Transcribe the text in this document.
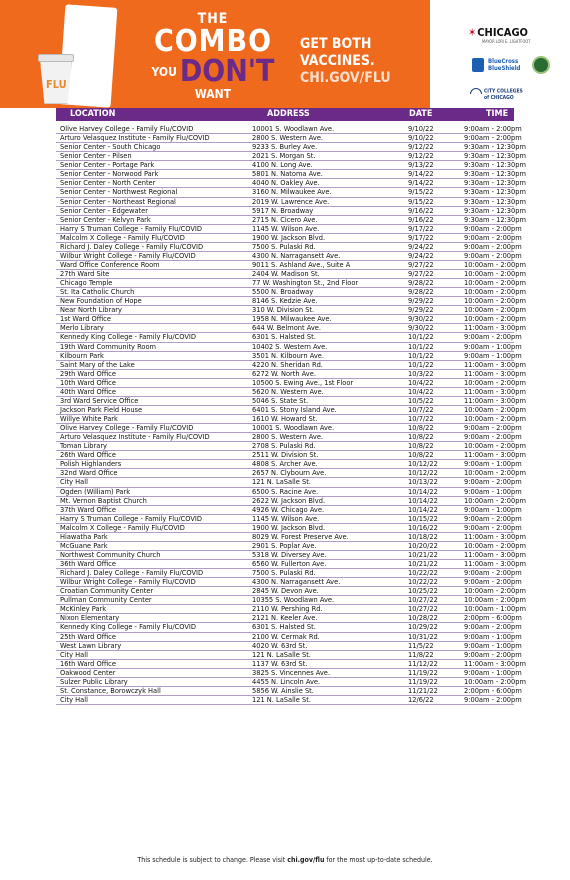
FLU
THE
COMBO
YOU DON'T
WANT
GET BOTH
VACCINES.
CHI.GOV/FLU
✶CHICAGO
MAYOR LORI E. LIGHTFOOT
BlueCross
BlueShield
CITY COLLEGES
of CHICAGO
LOCATION	ADDRESS	DATE	TIME
Olive Harvey College - Family Flu/COVID	10001 S. Woodlawn Ave.	9/10/22	9:00am - 2:00pm
Arturo Velasquez Institute - Family Flu/COVID	2800 S. Western Ave.	9/10/22	9:00am - 2:00pm
Senior Center - South Chicago	9233 S. Burley Ave.	9/12/22	9:30am - 12:30pm
Senior Center - Pilsen	2021 S. Morgan St.	9/12/22	9:30am - 12:30pm
Senior Center - Portage Park	4100 N. Long Ave.	9/13/22	9:30am - 12:30pm
Senior Center - Norwood Park	5801 N. Natoma Ave.	9/14/22	9:30am - 12:30pm
Senior Center - North Center	4040 N. Oakley Ave.	9/14/22	9:30am - 12:30pm
Senior Center - Northwest Regional	3160 N. Milwaukee Ave.	9/15/22	9:30am - 12:30pm
Senior Center - Northeast Regional	2019 W. Lawrence Ave.	9/15/22	9:30am - 12:30pm
Senior Center - Edgewater	5917 N. Broadway	9/16/22	9:30am - 12:30pm
Senior Center - Kelvyn Park	2715 N. Cicero Ave.	9/16/22	9:30am - 12:30pm
Harry S Truman College - Family Flu/COVID	1145 W. Wilson Ave.	9/17/22	9:00am - 2:00pm
Malcolm X College - Family Flu/COVID	1900 W. Jackson Blvd.	9/17/22	9:00am - 2:00pm
Richard J. Daley College - Family Flu/COVID	7500 S. Pulaski Rd.	9/24/22	9:00am - 2:00pm
Wilbur Wright College - Family Flu/COVID	4300 N. Narragansett Ave.	9/24/22	9:00am - 2:00pm
Ward Office Conference Room	9011 S. Ashland Ave., Suite A	9/27/22	10:00am - 2:00pm
27th Ward Site	2404 W. Madison St.	9/27/22	10:00am - 2:00pm
Chicago Temple	77 W. Washington St., 2nd Floor	9/28/22	10:00am - 2:00pm
St. Ita Catholic Church	5500 N. Broadway	9/28/22	10:00am - 2:00pm
New Foundation of Hope	8146 S. Kedzie Ave.	9/29/22	10:00am - 2:00pm
Near North Library	310 W. Division St.	9/29/22	10:00am - 2:00pm
1st Ward Office	1958 N. Milwaukee Ave.	9/30/22	10:00am - 2:00pm
Merlo Library	644 W. Belmont Ave.	9/30/22	11:00am - 3:00pm
Kennedy King College - Family Flu/COVID	6301 S. Halsted St.	10/1/22	9:00am - 2:00pm
19th Ward Community Room	10402 S. Western Ave.	10/1/22	9:00am - 1:00pm
Kilbourn Park	3501 N. Kilbourn Ave.	10/1/22	9:00am - 1:00pm
Saint Mary of the Lake	4220 N. Sheridan Rd.	10/1/22	11:00am - 3:00pm
29th Ward Office	6272 W. North Ave.	10/3/22	11:00am - 3:00pm
10th Ward Office	10500 S. Ewing Ave., 1st Floor	10/4/22	10:00am - 2:00pm
40th Ward Office	5620 N. Western Ave.	10/4/22	11:00am - 3:00pm
3rd Ward Service Office	5046 S. State St.	10/5/22	11:00am - 3:00pm
Jackson Park Field House	6401 S. Stony Island Ave.	10/7/22	10:00am - 2:00pm
Willye White Park	1610 W. Howard St.	10/7/22	10:00am - 2:00pm
Olive Harvey College - Family Flu/COVID	10001 S. Woodlawn Ave.	10/8/22	9:00am - 2:00pm
Arturo Velasquez Institute - Family Flu/COVID	2800 S. Western Ave.	10/8/22	9:00am - 2:00pm
Toman Library	2708 S. Pulaski Rd.	10/8/22	10:00am - 2:00pm
26th Ward Office	2511 W. Division St.	10/8/22	11:00am - 3:00pm
Polish Highlanders	4808 S. Archer Ave.	10/12/22	9:00am - 1:00pm
32nd Ward Office	2657 N. Clybourn Ave.	10/12/22	10:00am - 2:00pm
City Hall	121 N. LaSalle St.	10/13/22	9:00am - 2:00pm
Ogden (William) Park	6500 S. Racine Ave.	10/14/22	9:00am - 1:00pm
Mt. Vernon Baptist Church	2622 W. Jackson Blvd.	10/14/22	10:00am - 2:00pm
37th Ward Office	4926 W. Chicago Ave.	10/14/22	9:00am - 1:00pm
Harry S Truman College - Family Flu/COVID	1145 W. Wilson Ave.	10/15/22	9:00am - 2:00pm
Malcolm X College - Family Flu/COVID	1900 W. Jackson Blvd.	10/16/22	9:00am - 2:00pm
Hiawatha Park	8029 W. Forest Preserve Ave.	10/18/22	11:00am - 3:00pm
McGuane Park	2901 S. Poplar Ave.	10/20/22	10:00am - 2:00pm
Northwest Community Church	5318 W. Diversey Ave.	10/21/22	11:00am - 3:00pm
36th Ward Office	6560 W. Fullerton Ave.	10/21/22	11:00am - 3:00pm
Richard J. Daley College - Family Flu/COVID	7500 S. Pulaski Rd.	10/22/22	9:00am - 2:00pm
Wilbur Wright College - Family Flu/COVID	4300 N. Narragansett Ave.	10/22/22	9:00am - 2:00pm
Croatian Community Center	2845 W. Devon Ave.	10/25/22	10:00am - 2:00pm
Pullman Community Center	10355 S. Woodlawn Ave.	10/27/22	10:00am - 2:00pm
McKinley Park	2110 W. Pershing Rd.	10/27/22	10:00am - 1:00pm
Nixon Elementary	2121 N. Keeler Ave.	10/28/22	2:00pm - 6:00pm
Kennedy King College - Family Flu/COVID	6301 S. Halsted St.	10/29/22	9:00am - 2:00pm
25th Ward Office	2100 W. Cermak Rd.	10/31/22	9:00am - 1:00pm
West Lawn Library	4020 W. 63rd St.	11/5/22	9:00am - 1:00pm
City Hall	121 N. LaSalle St.	11/8/22	9:00am - 2:00pm
16th Ward Office	1137 W. 63rd St.	11/12/22	11:00am - 3:00pm
Oakwood Center	3825 S. Vincennes Ave.	11/19/22	9:00am - 1:00pm
Sulzer Public Library	4455 N. Lincoln Ave.	11/19/22	10:00am - 2:00pm
St. Constance, Borowczyk Hall	5856 W. Ainslie St.	11/21/22	2:00pm - 6:00pm
City Hall	121 N. LaSalle St.	12/6/22	9:00am - 2:00pm
This schedule is subject to change. Please visit chi.gov/flu for the most up-to-date schedule.
